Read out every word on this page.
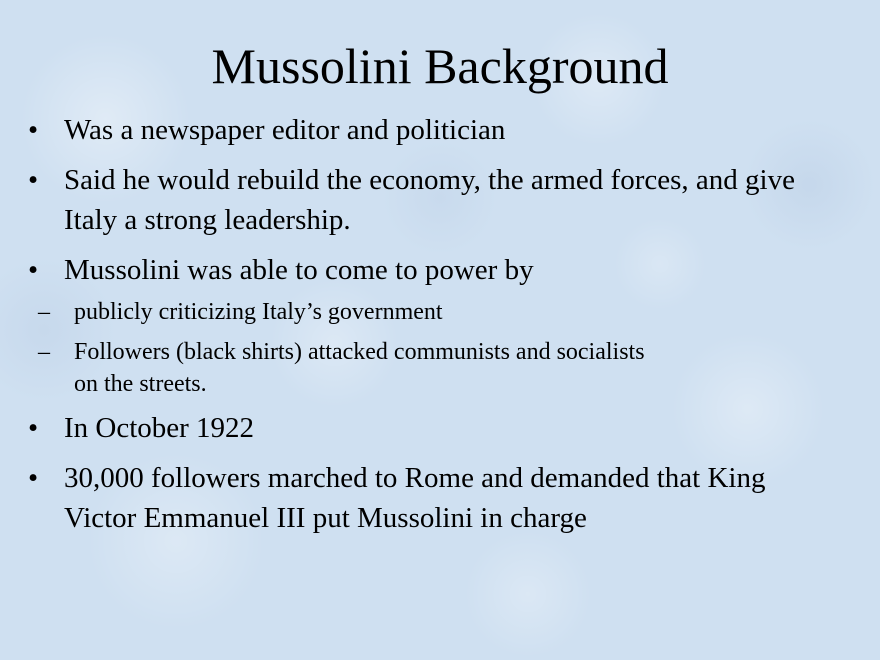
Mussolini Background
• Was a newspaper editor and politician
• Said he would rebuild the economy, the armed forces, and give Italy a strong leadership.
• Mussolini was able to come to power by
–	publicly criticizing Italy’s government
–	Followers (black shirts) attacked communists and socialists on the streets.
• In October 1922
• 30,000 followers marched to Rome and demanded that King Victor Emmanuel III put Mussolini in charge
